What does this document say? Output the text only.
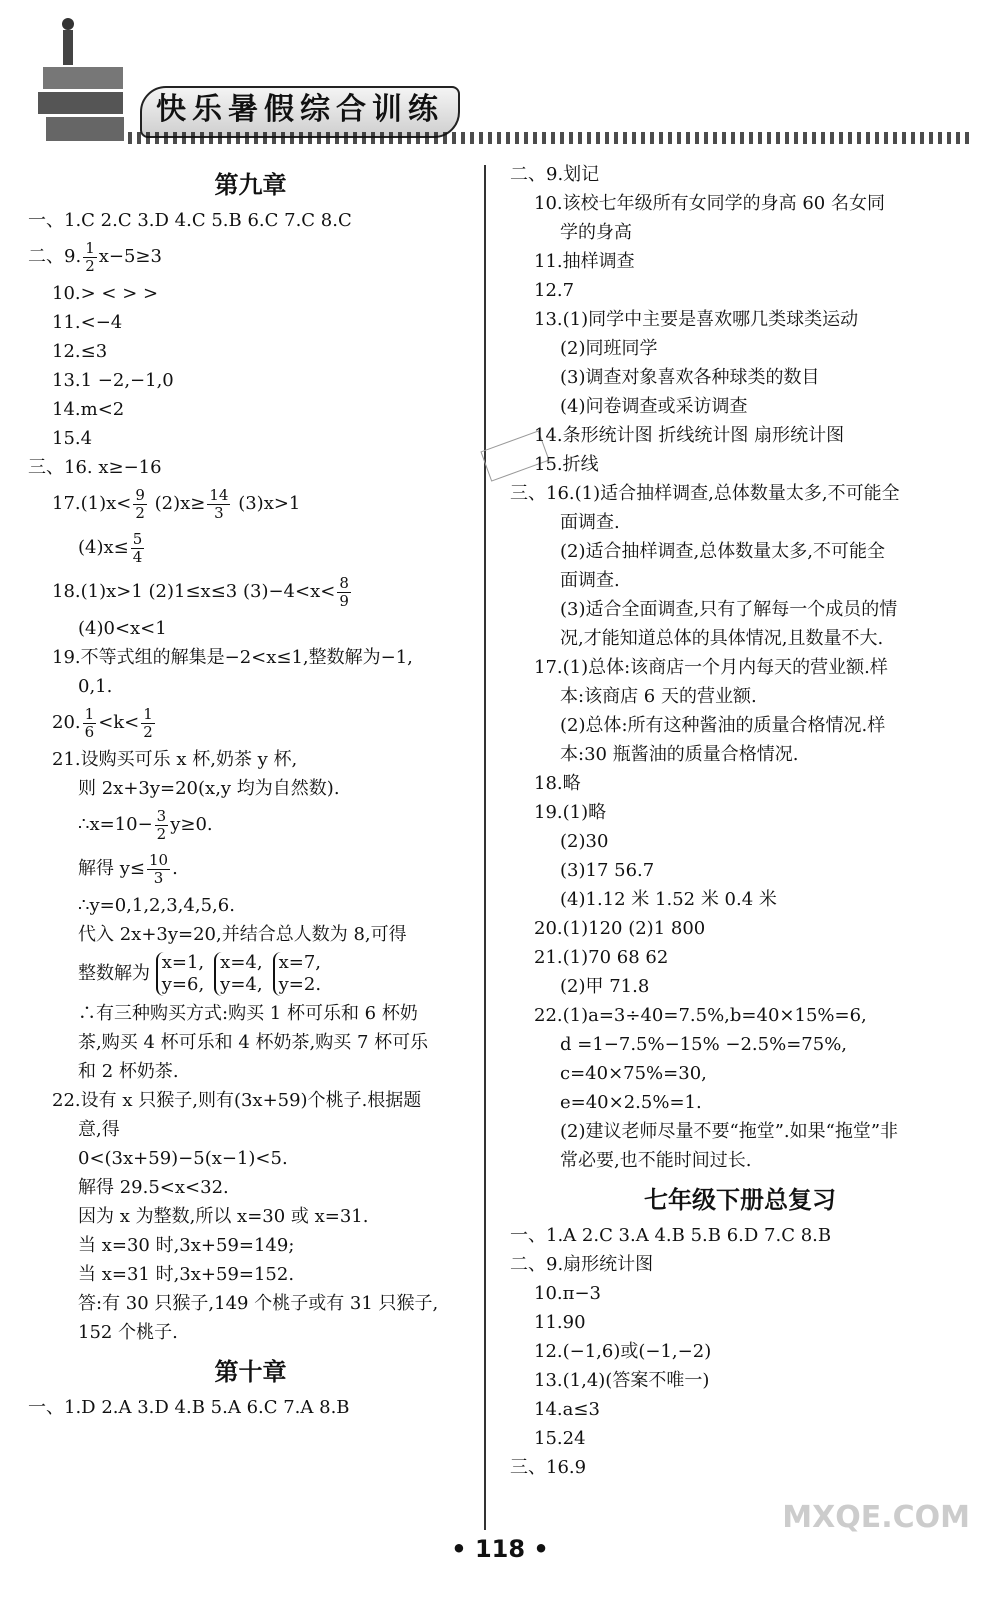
快乐暑假综合训练
第九章
一、1.C 2.C 3.D 4.C 5.B 6.C 7.C 8.C
二、9. $\frac{1}{2} x-5\ge 3$
10.> < > >
11.<−4
12.≤3
13.1 −2,−1,0
14.m<2
15.4
三、16. x≥−16
$17.(1)x< \frac{9}{2} (2)x\ge \frac{14}{3} (3)x>1$
$(4)x\le \frac{5}{4}$
18.(1)x>1 (2)1≤x≤3 $(3)-4<x< \frac{8}{9}$
(4)0<x<1
19.不等式组的解集是−2<x≤1,整数解为−1,
0,1.
20. $\frac{1}{6} <k< \frac{1}{2}$
21.设购买可乐 x 杯,奶茶 y 杯,
则 2x+3y=20(x,y 均为自然数).
∴x=10− $\frac{3}{2} y\ge 0$.
解得 $y\le \frac{10}{3}$ .
∴y=0,1,2,3,4,5,6.
代入 2x+3y=20,并结合总人数为 8,可得
整数解为
x=1,
y=6,
x=4,
y=4,
x=7,
y=2.
∴有三种购买方式:购买 1 杯可乐和 6 杯奶
茶,购买 4 杯可乐和 4 杯奶茶,购买 7 杯可乐
和 2 杯奶茶.
22.设有 x 只猴子,则有(3x+59)个桃子.根据题
意,得
0<(3x+59)−5(x−1)<5.
解得 29.5<x<32.
因为 x 为整数,所以 x=30 或 x=31.
当 x=30 时,3x+59=149;
当 x=31 时,3x+59=152.
答:有 30 只猴子,149 个桃子或有 31 只猴子,
152 个桃子.
第十章
一、1.D 2.A 3.D 4.B 5.A 6.C 7.A 8.B
二、9.划记
10.该校七年级所有女同学的身高 60 名女同
学的身高
11.抽样调查
12.7
13.(1)同学中主要是喜欢哪几类球类运动
(2)同班同学
(3)调查对象喜欢各种球类的数目
(4)问卷调查或采访调查
14.条形统计图 折线统计图 扇形统计图
15.折线
三、16.(1)适合抽样调查,总体数量太多,不可能全
面调查.
(2)适合抽样调查,总体数量太多,不可能全
面调查.
(3)适合全面调查,只有了解每一个成员的情
况,才能知道总体的具体情况,且数量不大.
17.(1)总体:该商店一个月内每天的营业额.样
本:该商店 6 天的营业额.
(2)总体:所有这种酱油的质量合格情况.样
本:30 瓶酱油的质量合格情况.
18.略
19.(1)略
(2)30
(3)17 56.7
(4)1.12 米 1.52 米 0.4 米
20.(1)120 (2)1 800
21.(1)70 68 62
(2)甲 71.8
22.(1)a=3÷40=7.5%,b=40×15%=6,
d =1−7.5%−15% −2.5%=75%,
c=40×75%=30,
e=40×2.5%=1.
(2)建议老师尽量不要“拖堂”.如果“拖堂”非
常必要,也不能时间过长.
七年级下册总复习
一、1.A 2.C 3.A 4.B 5.B 6.D 7.C 8.B
二、9.扇形统计图
10.π−3
11.90
12.(−1,6)或(−1,−2)
13.(1,4)(答案不唯一)
14.a≤3
15.24
三、16.9
• 118 •
MXQE.COM
